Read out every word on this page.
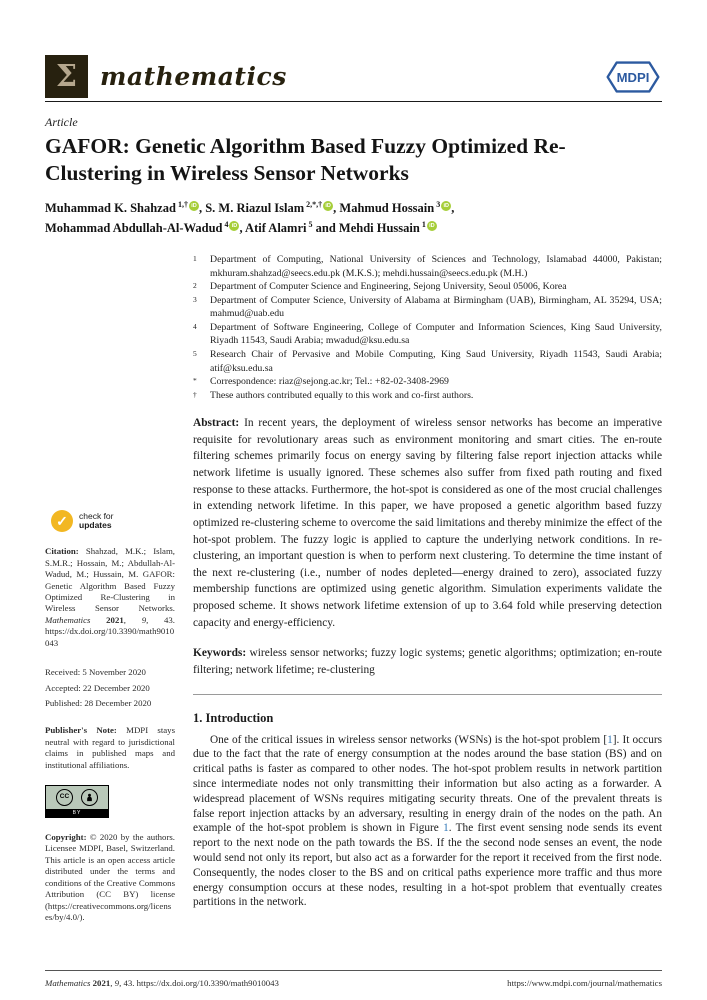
Σ mathematics	MDPI
Article
GAFOR: Genetic Algorithm Based Fuzzy Optimized Re-Clustering in Wireless Sensor Networks
Muhammad K. Shahzad $^{1,\dagger}$ iD , S. M. Riazul Islam $^{2,*,\dagger}$ iD , Mahmud Hossain $^3$ iD ,
Mohammad Abdullah-Al-Wadud $^4$ iD , Atif Alamri $^5$ and Mehdi Hussain $^1$ iD
✓	check for
updates
Citation: Shahzad, M.K.; Islam, S.M.R.; Hossain, M.; Abdullah-Al-Wadud, M.; Hussain, M. GAFOR: Genetic Algorithm Based Fuzzy Optimized Re-Clustering in Wireless Sensor Networks. Mathematics 2021, 9, 43. https://dx.doi.org/10.3390/math9010043
Received: 5 November 2020
Accepted: 22 December 2020
Published: 28 December 2020
Publisher's Note: MDPI stays neutral with regard to jurisdictional claims in published maps and institutional affiliations.
CC
BY
Copyright: © 2020 by the authors. Licensee MDPI, Basel, Switzerland. This article is an open access article distributed under the terms and conditions of the Creative Commons Attribution (CC BY) license (https://creativecommons.org/licenses/by/4.0/).
1	Department of Computing, National University of Sciences and Technology, Islamabad 44000, Pakistan; mkhuram.shahzad@seecs.edu.pk (M.K.S.); mehdi.hussain@seecs.edu.pk (M.H.)
2	Department of Computer Science and Engineering, Sejong University, Seoul 05006, Korea
3	Department of Computer Science, University of Alabama at Birmingham (UAB), Birmingham, AL 35294, USA; mahmud@uab.edu
4	Department of Software Engineering, College of Computer and Information Sciences, King Saud University, Riyadh 11543, Saudi Arabia; mwadud@ksu.edu.sa
5	Research Chair of Pervasive and Mobile Computing, King Saud University, Riyadh 11543, Saudi Arabia; atif@ksu.edu.sa
*	Correspondence: riaz@sejong.ac.kr; Tel.: +82-02-3408-2969
†	These authors contributed equally to this work and co-first authors.

Abstract: In recent years, the deployment of wireless sensor networks has become an imperative requisite for revolutionary areas such as environment monitoring and smart cities. The en-route filtering schemes primarily focus on energy saving by filtering false report injection attacks while network lifetime is usually ignored. These schemes also suffer from fixed path routing and fixed response to these attacks. Furthermore, the hot-spot is considered as one of the most crucial challenges in extending network lifetime. In this paper, we have proposed a genetic algorithm based fuzzy optimized re-clustering scheme to overcome the said limitations and thereby minimize the effect of the hot-spot problem. The fuzzy logic is applied to capture the underlying network conditions. In re-clustering, an important question is when to perform next clustering. To determine the time instant of the next re-clustering (i.e., number of nodes depleted—energy drained to zero), associated fuzzy membership functions are optimized using genetic algorithm. Simulation experiments validate the proposed scheme. It shows network lifetime extension of up to 3.64 fold while preserving detection capacity and energy-efficiency.

Keywords: wireless sensor networks; fuzzy logic systems; genetic algorithms; optimization; en-route filtering; network lifetime; re-clustering

1. Introduction

One of the critical issues in wireless sensor networks (WSNs) is the hot-spot problem [1]. It occurs due to the fact that the rate of energy consumption at the nodes around the base station (BS) and on critical paths is faster as compared to other nodes. The hot-spot problem results in network partition since intermediate nodes not only transmitting their information but also acting as a forwarder. A widespread placement of WSNs requires mitigating security threats. One of the prevalent threats is false report injection attacks by an adversary, resulting in energy drain of the nodes on the path. An example of the hot-spot problem is shown in Figure 1. The first event sensing node sends its event report to the next node on the path towards the BS. If the the second node senses an event, the node would send not only its report, but also act as a forwarder for the report it received from the first node. Consequently, the nodes closer to the BS and on critical paths experience more traffic and thus more energy consumption occurs at these nodes, resulting in a hot-spot problem that eventually creates partitions in the network.

Mathematics 2021, 9, 43. https://dx.doi.org/10.3390/math9010043	https://www.mdpi.com/journal/mathematics
